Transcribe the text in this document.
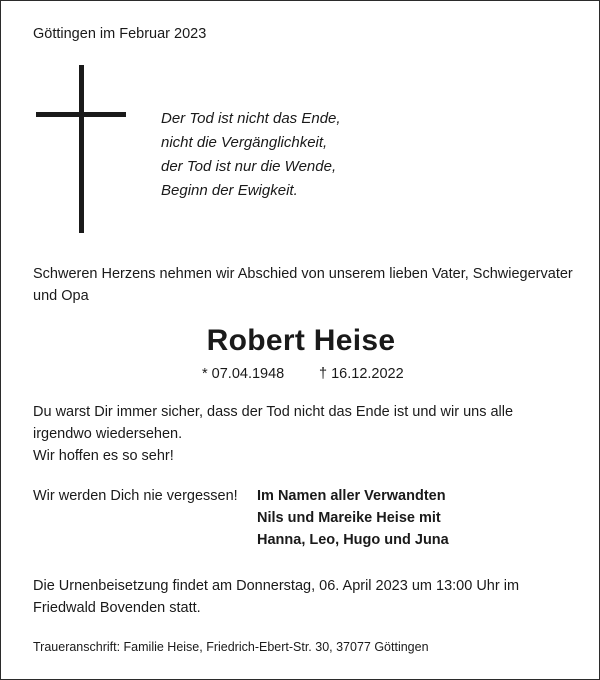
Göttingen im Februar 2023
Der Tod ist nicht das Ende,
nicht die Vergänglichkeit,
der Tod ist nur die Wende,
Beginn der Ewigkeit.
Schweren Herzens nehmen wir Abschied von unserem lieben Vater, Schwiegervater und Opa
Robert Heise
* 07.04.1948 † 16.12.2022
Du warst Dir immer sicher, dass der Tod nicht das Ende ist und wir uns alle irgendwo wiedersehen.
Wir hoffen es so sehr!
Wir werden Dich nie vergessen! Im Namen aller Verwandten
Nils und Mareike Heise mit
Hanna, Leo, Hugo und Juna
Die Urnenbeisetzung findet am Donnerstag, 06. April 2023 um 13:00 Uhr im Friedwald Bovenden statt.
Traueranschrift: Familie Heise, Friedrich-Ebert-Str. 30, 37077 Göttingen
